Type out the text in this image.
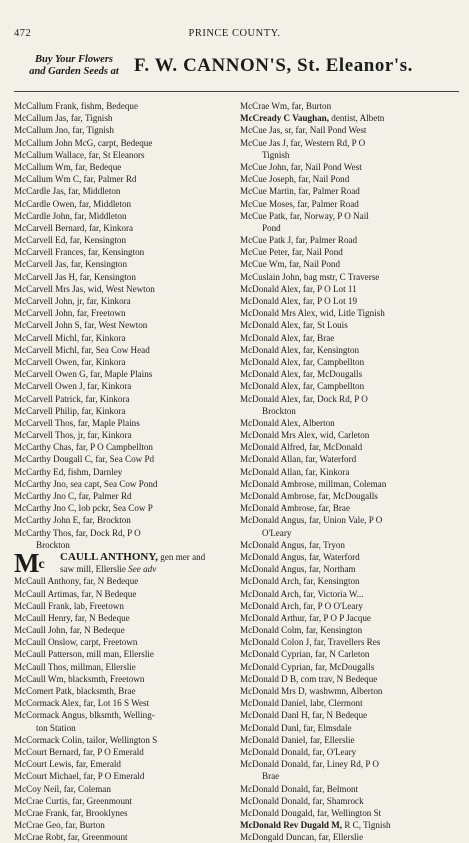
472	PRINCE COUNTY.
Buy Your Flowers
and Garden Seeds at F. W. CANNON'S, St. Eleanor's.
McCallum Frank, fishm, Bedeque
McCallum Jas, far, Tignish
McCallum Jno, far, Tignish
McCallum John McG, carpt, Bedeque
McCallum Wallace, far, St Eleanors
McCallum Wm, far, Bedeque
McCallum Wm C, far, Palmer Rd
McCardle Jas, far, Middleton
McCardle Owen, far, Middleton
McCardle John, far, Middleton
McCarvell Bernard, far, Kinkora
McCarvell Ed, far, Kensington
McCarvell Frances, far, Kensington
McCarvell Jas, far, Kensington
McCarvell Jas H, far, Kensington
McCarvell Mrs Jas, wid, West Newton
McCarvell John, jr, far, Kinkora
McCarvell John, far, Freetown
McCarvell John S, far, West Newton
McCarvell Michl, far, Kinkora
McCarvell Michl, far, Sea Cow Head
McCarvell Owen, far, Kinkora
McCarvell Owen G, far, Maple Plains
McCarvell Owen J, far, Kinkora
McCarvell Patrick, far, Kinkora
McCarvell Philip, far, Kinkora
McCarvell Thos, far, Maple Plains
McCarvell Thos, jr, far, Kinkora
McCarthy Chas, far, P O Campbellton
McCarthy Dougall C, far, Sea Cow Pd
McCarthy Ed, fishm, Darnley
McCarthy Jno, sea capt, Sea Cow Pond
McCarthy Jno C, far, Palmer Rd
McCarthy Jno C, lob pckr, Sea Cow P
McCarthy John E, far, Brockton
McCarthy Thos, far, Dock Rd, P O
Brockton
$M^c$ CAULL ANTHONY, gen mer and
saw mill, Ellerslie See adv
McCaull Anthony, far, N Bedeque
McCaull Artimas, far, N Bedeque
McCaull Frank, lab, Freetown
McCaull Henry, far, N Bedeque
McCaull John, far, N Bedeque
McCaull Onslow, carpt, Freetown
McCaull Patterson, mill man, Ellerslie
McCaull Thos, millman, Ellerslie
McCaull Wm, blacksmth, Freetown
McComert Patk, blacksmth, Brae
McCormack Alex, far, Lot 16 S West
McCormack Angus, blksmth, Welling-
ton Station
McCormack Colin, tailor, Wellington S
McCourt Bernard, far, P O Emerald
McCourt Lewis, far, Emerald
McCourt Michael, far, P O Emerald
McCoy Neil, far, Coleman
McCrae Curtis, far, Greenmount
McCrae Frank, far, Brooklynes
McCrae Geo, far, Burton
McCrae Robt, far, Greenmount
McCrae Wm, far, Burton
McCready C Vaughan, dentist, Albetn
McCue Jas, sr, far, Nail Pond West
McCue Jas J, far, Western Rd, P O
Tignish
McCue John, far, Nail Pond West
McCue Joseph, far, Nail Pond
McCue Martin, far, Palmer Road
McCue Moses, far, Palmer Road
McCue Patk, far, Norway, P O Nail
Pond
McCue Patk J, far, Palmer Road
McCue Peter, far, Nail Pond
McCue Wm, far, Nail Pond
McCuslain John, bag mstr, C Traverse
McDonald Alex, far, P O Lot 11
McDonald Alex, far, P O Lot 19
McDonald Mrs Alex, wid, Litle Tignish
McDonald Alex, far, St Louis
McDonald Alex, far, Brae
McDonald Alex, far, Kensington
McDonald Alex, far, Campbellton
McDonald Alex, far, McDougalls
McDonald Alex, far, Campbellton
McDonald Alex, far, Dock Rd, P O
Brockton
McDonald Alex, Alberton
McDonald Mrs Alex, wid, Carleton
McDonald Alfred, far, McDonald
McDonald Allan, far, Waterford
McDonald Allan, far, Kinkora
McDonald Ambrose, millman, Coleman
McDonald Ambrose, far, McDougalls
McDonald Ambrose, far, Brae
McDonald Angus, far, Union Vale, P O
O'Leary
McDonald Angus, far, Tryon
McDonald Angus, far, Waterford
McDonald Angus, far, Northam
McDonald Arch, far, Kensington
McDonald Arch, far, Victoria W...
McDonald Arch, far, P O O'Leary
McDonald Arthur, far, P O P Jacque
McDonald Colm, far, Kensington
McDonald Colon J, far, Travellers Res
McDonald Cyprian, far, N Carleton
McDonald Cyprian, far, McDougalls
McDonald D B, com trav, N Bedeque
McDonald Mrs D, washwmn, Alberton
McDonald Daniel, labr, Clermont
McDonald Danl H, far, N Bedeque
McDonald Danl, far, Elmsdale
McDonald Daniel, far, Ellerslie
McDonald Donald, far, O'Leary
McDonald Donald, far, Liney Rd, P O
Brae
McDonald Donald, far, Belmont
McDonald Donald, far, Shamrock
McDonald Dougald, far, Wellington St
McDonald Rev Dugald M, R C, Tignish
McDongald Duncan, far, Ellerslie
